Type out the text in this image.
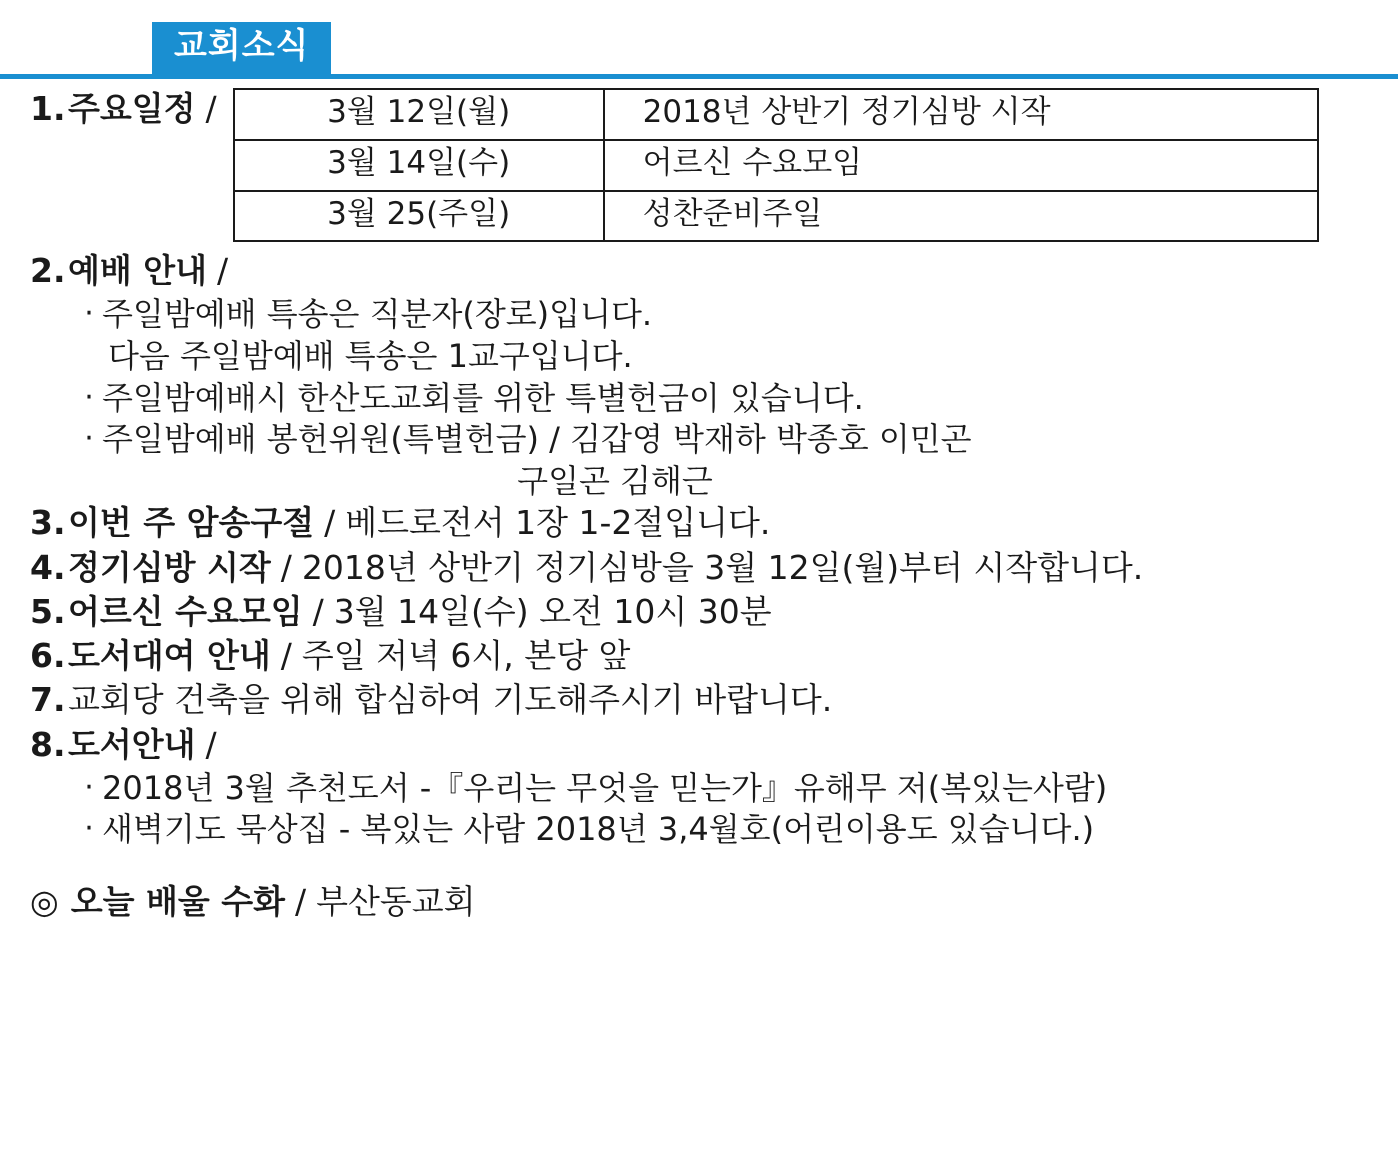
교회소식
1. 주요일정 /	3월 12일(월)	2018년 상반기 정기심방 시작
3월 14일(수)	어르신 수요모임
3월 25(주일)	성찬준비주일
2. 예배 안내 /
· 주일밤예배 특송은 직분자(장로)입니다.
다음 주일밤예배 특송은 1교구입니다.
· 주일밤예배시 한산도교회를 위한 특별헌금이 있습니다.
· 주일밤예배 봉헌위원(특별헌금) / 김갑영 박재하 박종호 이민곤
구일곤 김해근
3. 이번 주 암송구절 / 베드로전서 1장 1-2절입니다.
4. 정기심방 시작 / 2018년 상반기 정기심방을 3월 12일(월)부터 시작합니다.
5. 어르신 수요모임 / 3월 14일(수) 오전 10시 30분
6. 도서대여 안내 / 주일 저녁 6시, 본당 앞
7. 교회당 건축을 위해 합심하여 기도해주시기 바랍니다.
8. 도서안내 /
· 2018년 3월 추천도서 -『우리는 무엇을 믿는가』유해무 저(복있는사람)
· 새벽기도 묵상집 - 복있는 사람 2018년 3,4월호(어린이용도 있습니다.)
◎ 오늘 배울 수화 / 부산동교회
